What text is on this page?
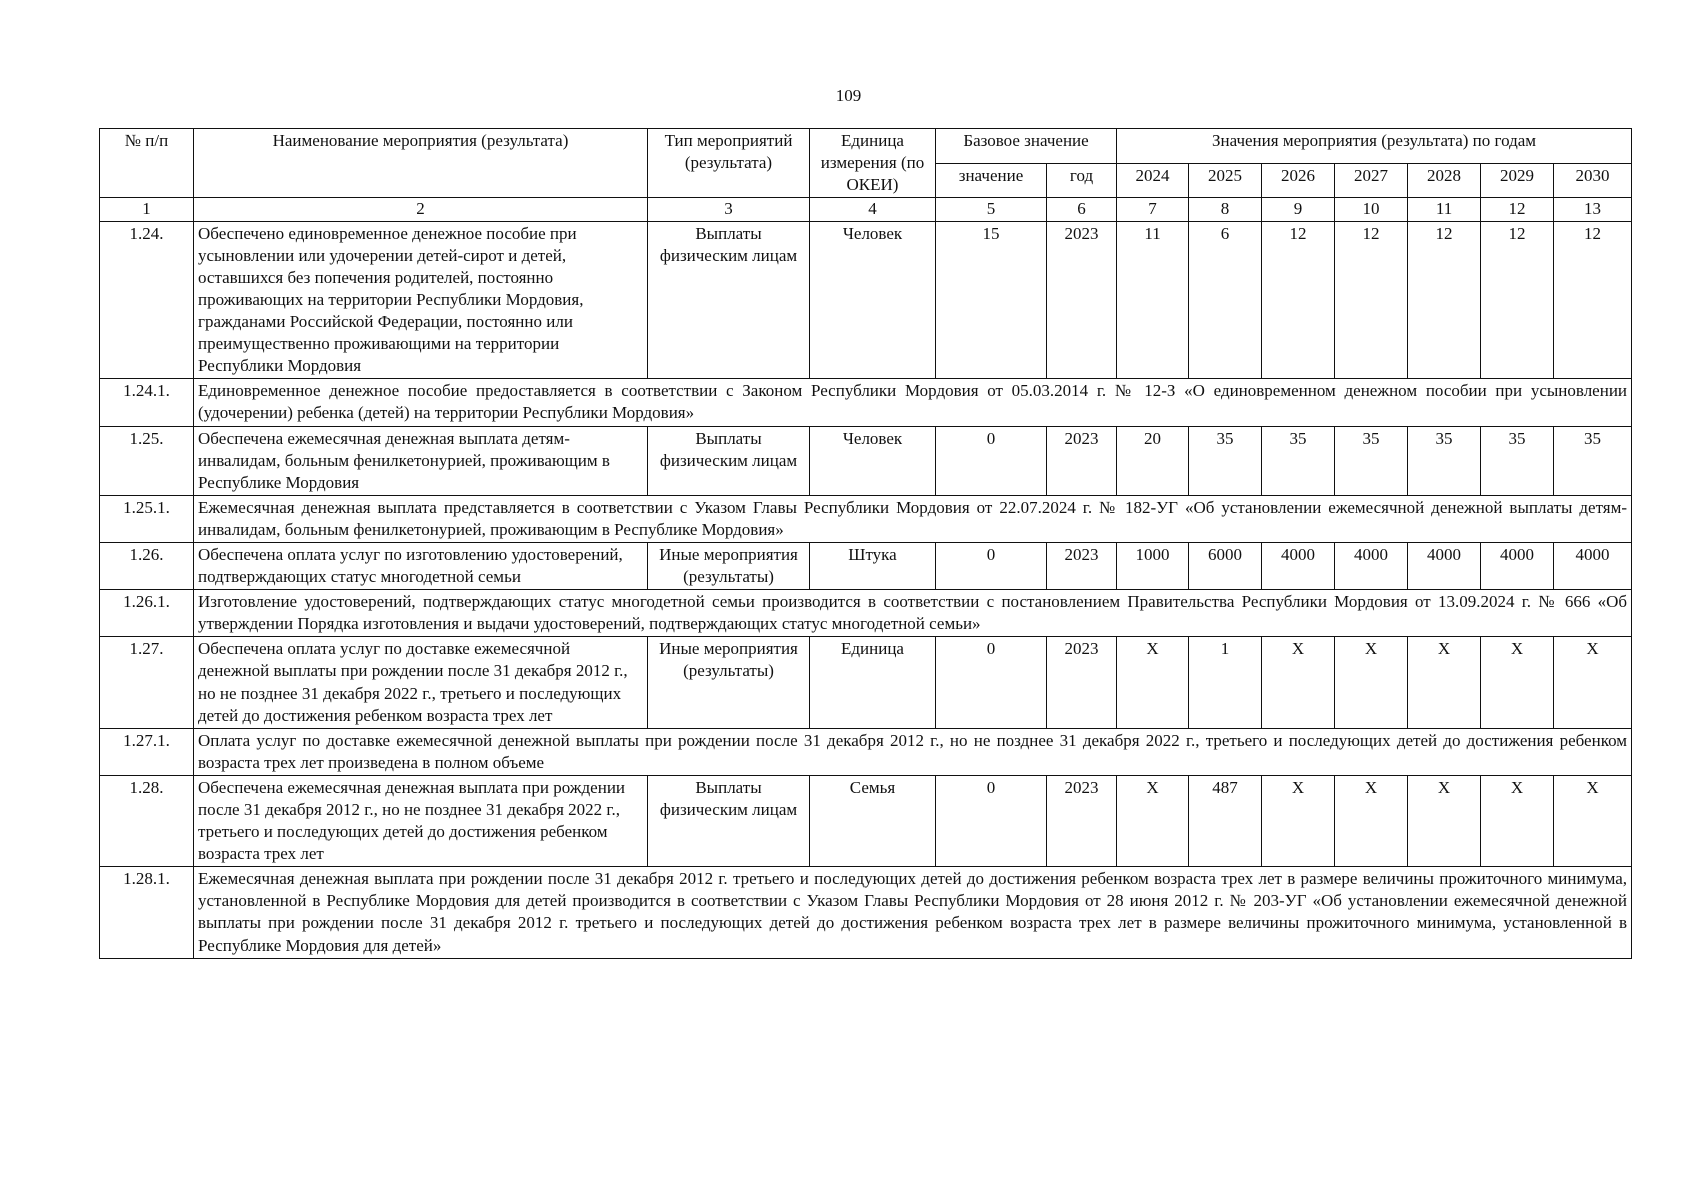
109
№ п/п	Наименование мероприятия (результата)	Тип мероприятий (результата)	Единица измерения (по ОКЕИ)	Базовое значение		Значения мероприятия (результата) по годам						
				значение	год	2024	2025	2026	2027	2028	2029	2030
1	2	3	4	5	6	7	8	9	10	11	12	13
1.24.	Обеспечено единовременное денежное пособие при усыновлении или удочерении детей-сирот и детей, оставшихся без попечения родителей, постоянно проживающих на территории Республики Мордовия, гражданами Российской Федерации, постоянно или преимущественно проживающими на территории Республики Мордовия	Выплаты физическим лицам	Человек	15	2023	11	6	12	12	12	12	12
1.24.1.	Единовременное денежное пособие предоставляется в соответствии с Законом Республики Мордовия от 05.03.2014 г. № 12-З «О единовременном денежном пособии при усыновлении (удочерении) ребенка (детей) на территории Республики Мордовия»											
1.25.	Обеспечена ежемесячная денежная выплата детям-инвалидам, больным фенилкетонурией, проживающим в Республике Мордовия	Выплаты физическим лицам	Человек	0	2023	20	35	35	35	35	35	35
1.25.1.	Ежемесячная денежная выплата представляется в соответствии с Указом Главы Республики Мордовия от 22.07.2024 г. № 182-УГ «Об установлении ежемесячной денежной выплаты детям-инвалидам, больным фенилкетонурией, проживающим в Республике Мордовия»											
1.26.	Обеспечена оплата услуг по изготовлению удостоверений, подтверждающих статус многодетной семьи	Иные мероприятия (результаты)	Штука	0	2023	1000	6000	4000	4000	4000	4000	4000
1.26.1.	Изготовление удостоверений, подтверждающих статус многодетной семьи производится в соответствии с постановлением Правительства Республики Мордовия от 13.09.2024 г. № 666 «Об утверждении Порядка изготовления и выдачи удостоверений, подтверждающих статус многодетной семьи»											
1.27.	Обеспечена оплата услуг по доставке ежемесячной денежной выплаты при рождении после 31 декабря 2012 г., но не позднее 31 декабря 2022 г., третьего и последующих детей до достижения ребенком возраста трех лет	Иные мероприятия (результаты)	Единица	0	2023	X	1	X	X	X	X	X
1.27.1.	Оплата услуг по доставке ежемесячной денежной выплаты при рождении после 31 декабря 2012 г., но не позднее 31 декабря 2022 г., третьего и последующих детей до достижения ребенком возраста трех лет произведена в полном объеме											
1.28.	Обеспечена ежемесячная денежная выплата при рождении после 31 декабря 2012 г., но не позднее 31 декабря 2022 г., третьего и последующих детей до достижения ребенком возраста трех лет	Выплаты физическим лицам	Семья	0	2023	X	487	X	X	X	X	X
1.28.1.	Ежемесячная денежная выплата при рождении после 31 декабря 2012 г. третьего и последующих детей до достижения ребенком возраста трех лет в размере величины прожиточного минимума, установленной в Республике Мордовия для детей производится в соответствии с Указом Главы Республики Мордовия от 28 июня 2012 г. № 203-УГ «Об установлении ежемесячной денежной выплаты при рождении после 31 декабря 2012 г. третьего и последующих детей до достижения ребенком возраста трех лет в размере величины прожиточного минимума, установленной в Республике Мордовия для детей»											
